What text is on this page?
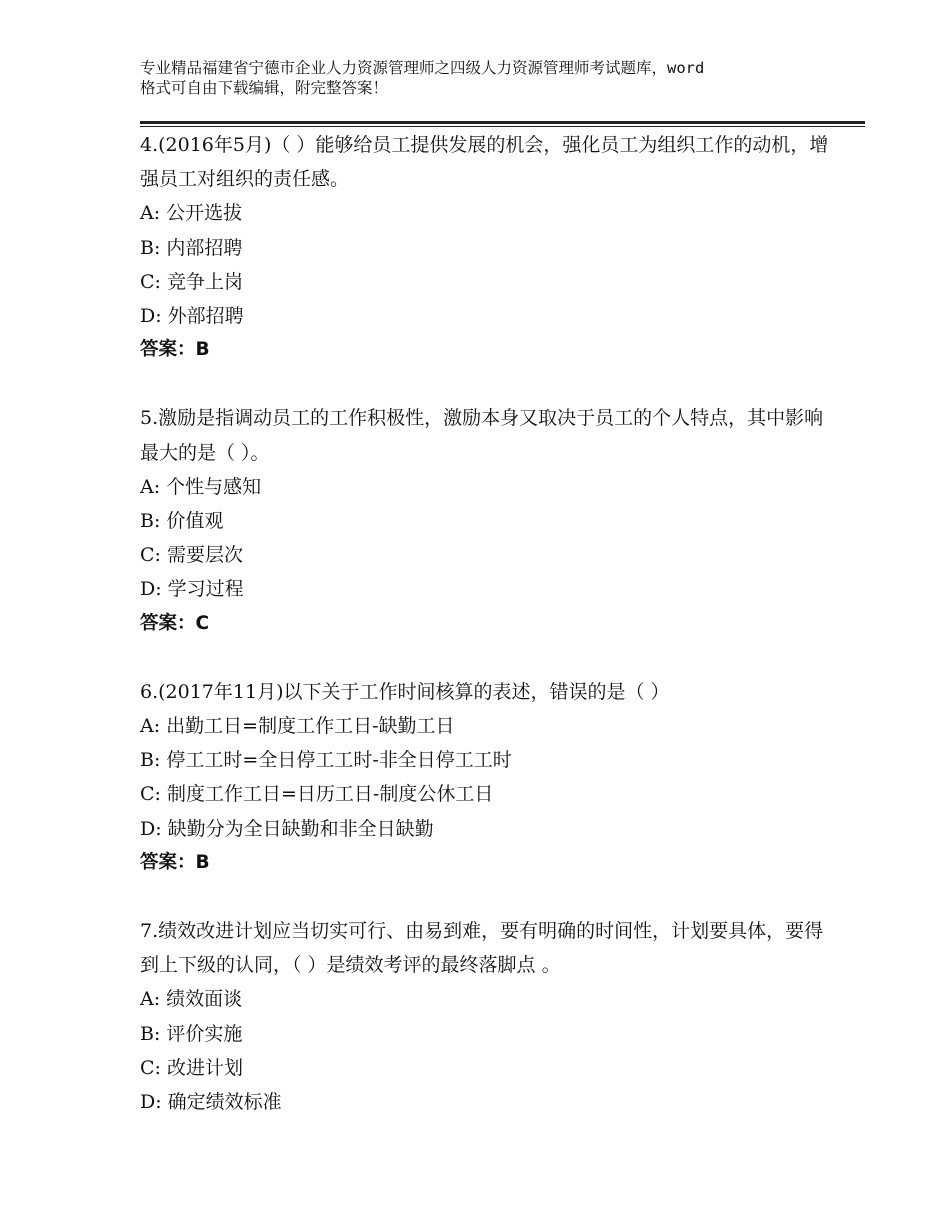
专业精品福建省宁德市企业人力资源管理师之四级人力资源管理师考试题库，word
格式可自由下载编辑，附完整答案！
4.(2016年5月)（ ）能够给员工提供发展的机会，强化员工为组织工作的动机，增强员工对组织的责任感。
A: 公开选拔
B: 内部招聘
C: 竞争上岗
D: 外部招聘
答案：B
5.激励是指调动员工的工作积极性，激励本身又取决于员工的个人特点，其中影响最大的是（ ）。
A: 个性与感知
B: 价值观
C: 需要层次
D: 学习过程
答案：C
6.(2017年11月)以下关于工作时间核算的表述，错误的是（ ）
A: 出勤工日=制度工作工日-缺勤工日
B: 停工工时=全日停工工时-非全日停工工时
C: 制度工作工日=日历工日-制度公休工日
D: 缺勤分为全日缺勤和非全日缺勤
答案：B
7.绩效改进计划应当切实可行、由易到难，要有明确的时间性，计划要具体，要得到上下级的认同，（ ）是绩效考评的最终落脚点 。
A: 绩效面谈
B: 评价实施
C: 改进计划
D: 确定绩效标准
